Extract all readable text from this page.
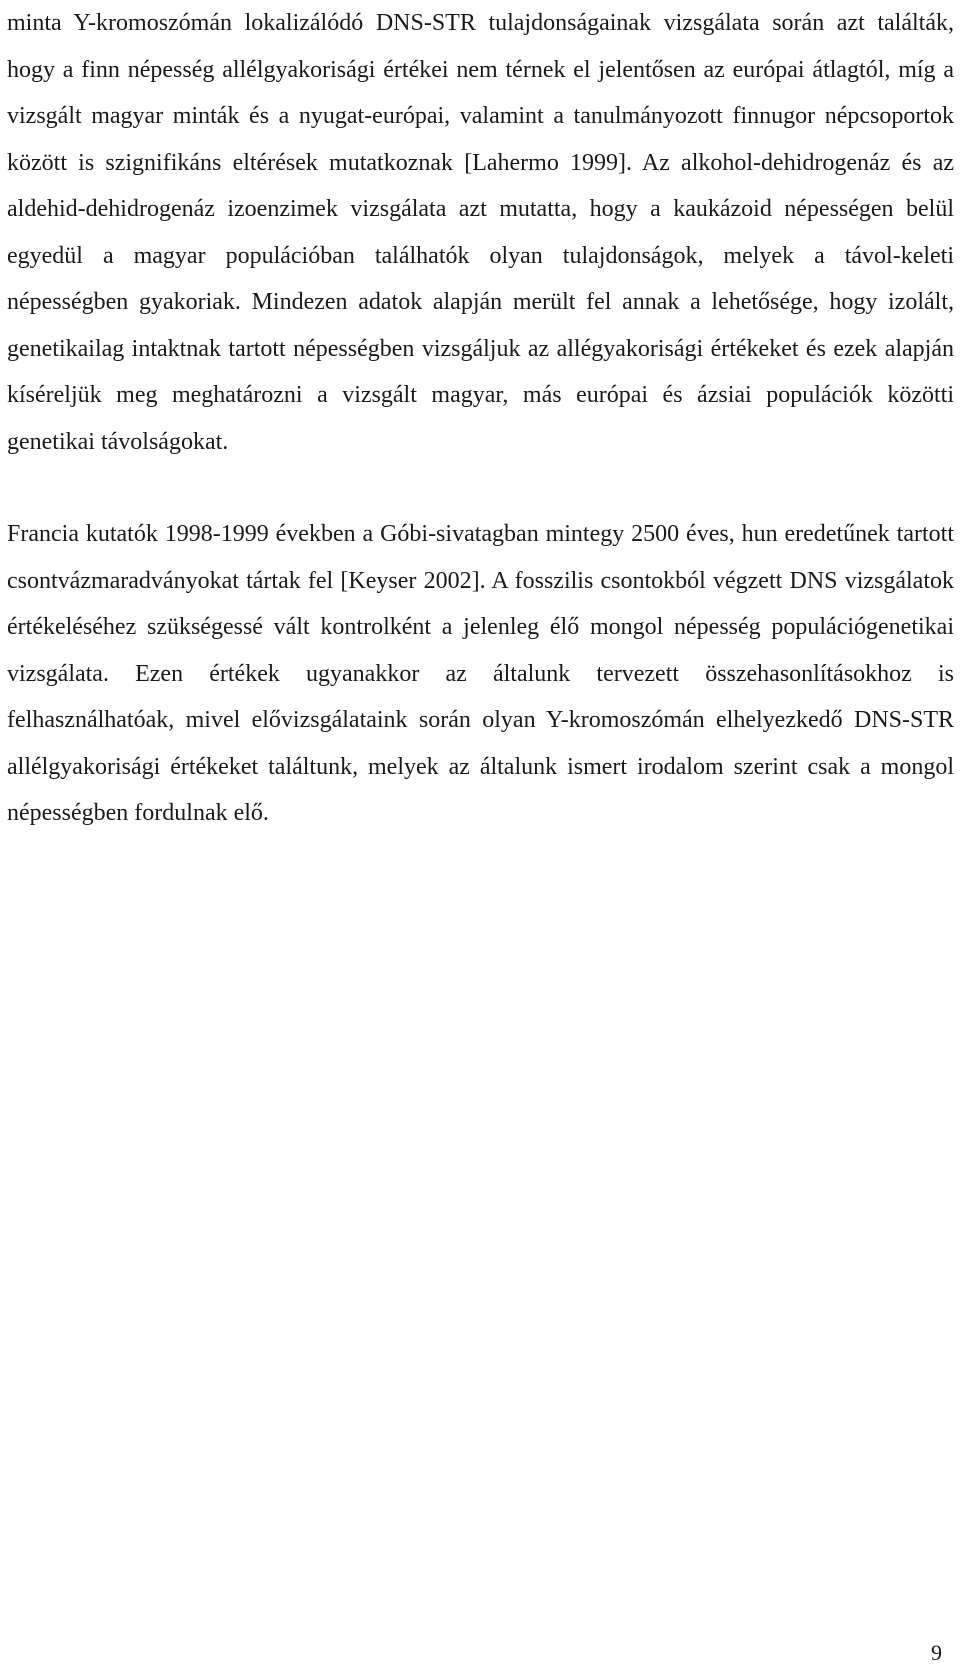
minta Y-kromoszómán lokalizálódó DNS-STR tulajdonságainak vizsgálata során azt találták, hogy a finn népesség allélgyakorisági értékei nem térnek el jelentősen az európai átlagtól, míg a vizsgált magyar minták és a nyugat-európai, valamint a tanulmányozott finnugor népcsoportok között is szignifikáns eltérések mutatkoznak [Lahermo 1999]. Az alkohol-dehidrogenáz és az aldehid-dehidrogenáz izoenzimek vizsgálata azt mutatta, hogy a kaukázoid népességen belül egyedül a magyar populációban találhatók olyan tulajdonságok, melyek a távol-keleti népességben gyakoriak. Mindezen adatok alapján merült fel annak a lehetősége, hogy izolált, genetikailag intaktnak tartott népességben vizsgáljuk az allégyakorisági értékeket és ezek alapján kíséreljük meg meghatározni a vizsgált magyar, más európai és ázsiai populációk közötti genetikai távolságokat.

Francia kutatók 1998-1999 években a Góbi-sivatagban mintegy 2500 éves, hun eredetűnek tartott csontvázmaradványokat tártak fel [Keyser 2002]. A fosszilis csontokból végzett DNS vizsgálatok értékeléséhez szükségessé vált kontrolként a jelenleg élő mongol népesség populációgenetikai vizsgálata. Ezen értékek ugyanakkor az általunk tervezett összehasonlításokhoz is felhasználhatóak, mivel elővizsgálataink során olyan Y-kromoszómán elhelyezkedő DNS-STR allélgyakorisági értékeket találtunk, melyek az általunk ismert irodalom szerint csak a mongol népességben fordulnak elő.

9
